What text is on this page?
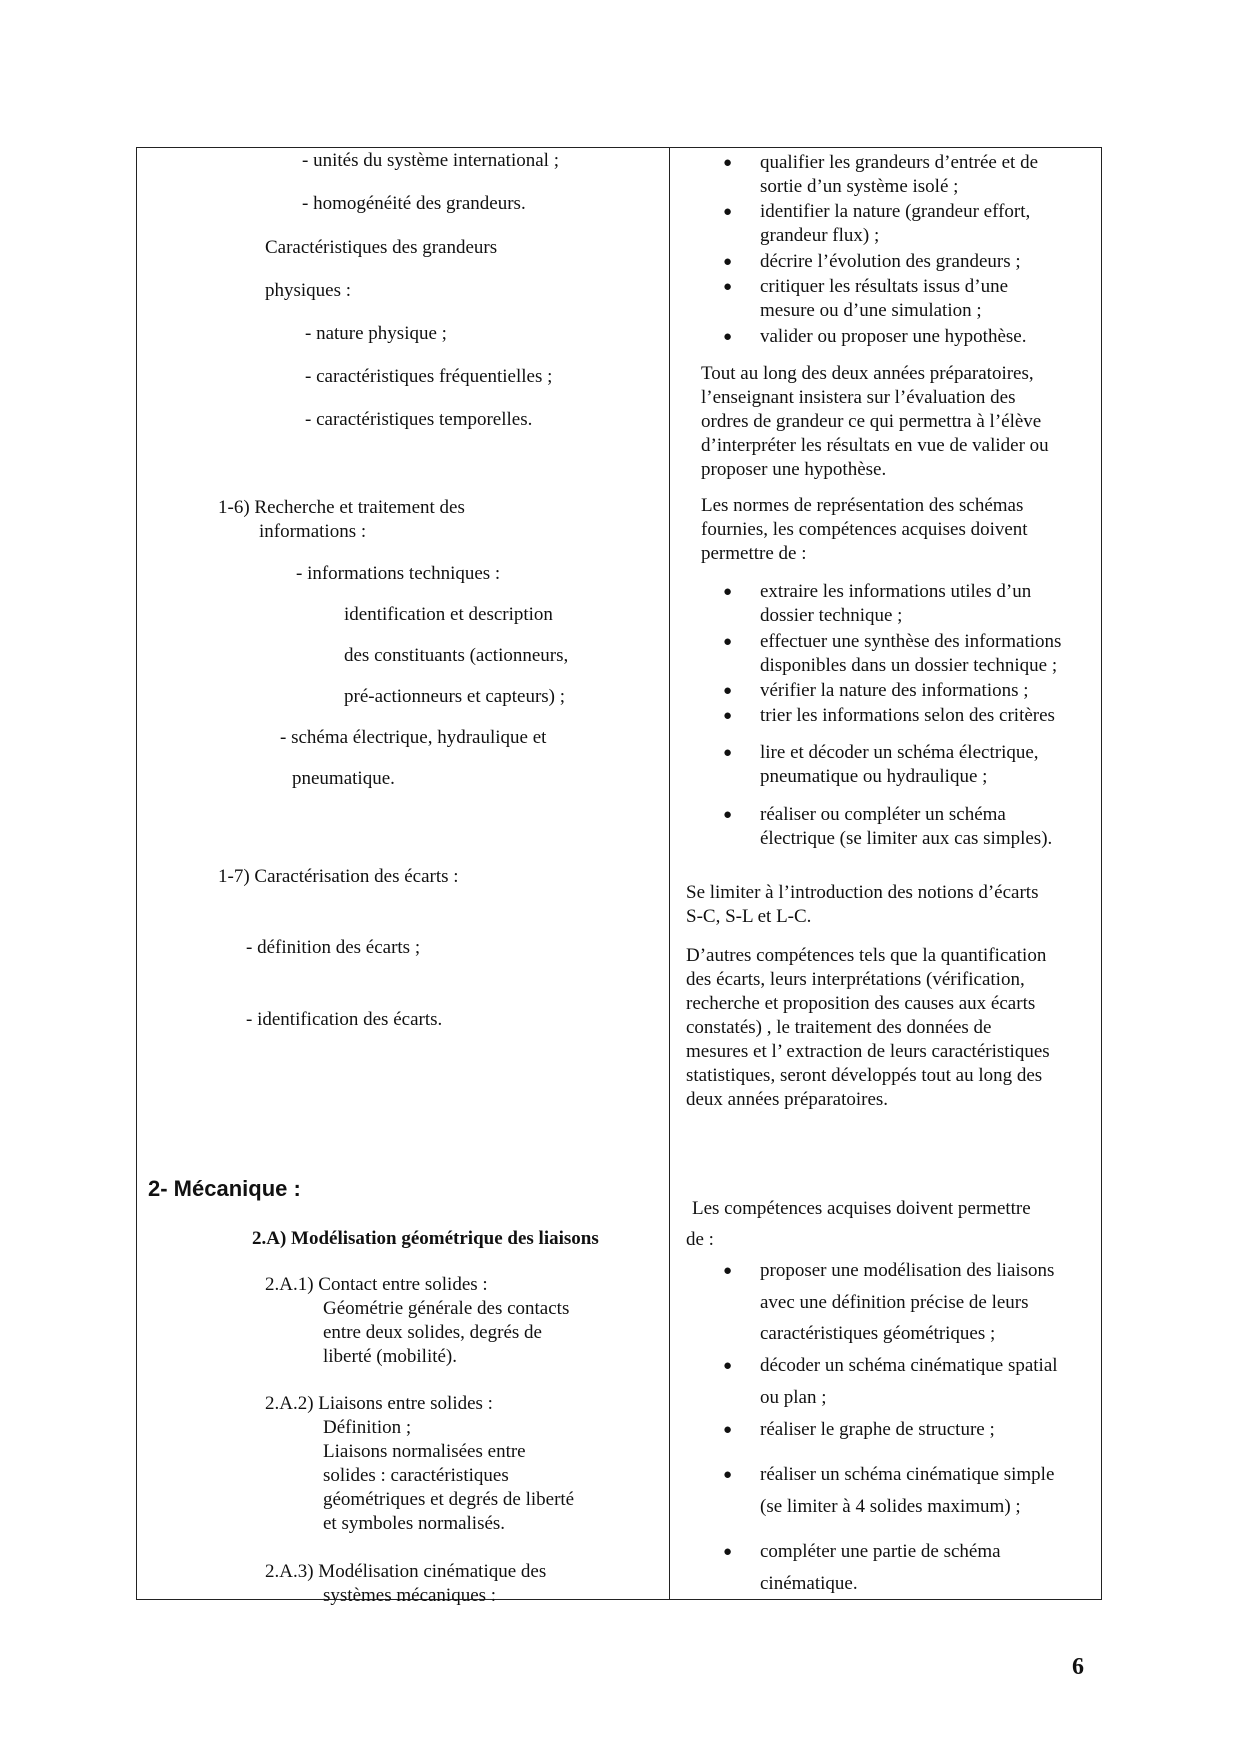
- unités du système international ;
- homogénéité des grandeurs.
Caractéristiques des grandeurs
physiques :
- nature physique ;
- caractéristiques fréquentielles ;
- caractéristiques temporelles.
1-6) Recherche et traitement des
informations :
- informations techniques :
identification et description
des constituants (actionneurs,
pré-actionneurs et capteurs) ;
- schéma électrique, hydraulique et
pneumatique.
1-7) Caractérisation des écarts :
- définition des écarts ;
- identification des écarts.
2- Mécanique :
2.A) Modélisation géométrique des liaisons
2.A.1) Contact entre solides :
Géométrie générale des contacts
entre deux solides, degrés de
liberté (mobilité).
2.A.2) Liaisons entre solides :
Définition ;
Liaisons normalisées entre
solides : caractéristiques
géométriques et degrés de liberté
et symboles normalisés.
2.A.3) Modélisation cinématique des
systèmes mécaniques :
● qualifier les grandeurs d’entrée et de
sortie d’un système isolé ;
● identifier la nature (grandeur effort,
grandeur flux) ;
● décrire l’évolution des grandeurs ;
● critiquer les résultats issus d’une
mesure ou d’une simulation ;
● valider ou proposer une hypothèse.
Tout au long des deux années préparatoires,
l’enseignant insistera sur l’évaluation des
ordres de grandeur ce qui permettra à l’élève
d’interpréter les résultats en vue de valider ou
proposer une hypothèse.
Les normes de représentation des schémas
fournies, les compétences acquises doivent
permettre de :
● extraire les informations utiles d’un
dossier technique ;
● effectuer une synthèse des informations
disponibles dans un dossier technique ;
● vérifier la nature des informations ;
● trier les informations selon des critères
● lire et décoder un schéma électrique,
pneumatique ou hydraulique ;
● réaliser ou compléter un schéma
électrique (se limiter aux cas simples).
Se limiter à l’introduction des notions d’écarts
S-C, S-L et L-C.
D’autres compétences tels que la quantification
des écarts, leurs interprétations (vérification,
recherche et proposition des causes aux écarts
constatés) , le traitement des données de
mesures et l’ extraction de leurs caractéristiques
statistiques, seront développés tout au long des
deux années préparatoires.
Les compétences acquises doivent permettre
de :
● proposer une modélisation des liaisons
avec une définition précise de leurs
caractéristiques géométriques ;
● décoder un schéma cinématique spatial
ou plan ;
● réaliser le graphe de structure ;
● réaliser un schéma cinématique simple
(se limiter à 4 solides maximum) ;
● compléter une partie de schéma
cinématique.
6
